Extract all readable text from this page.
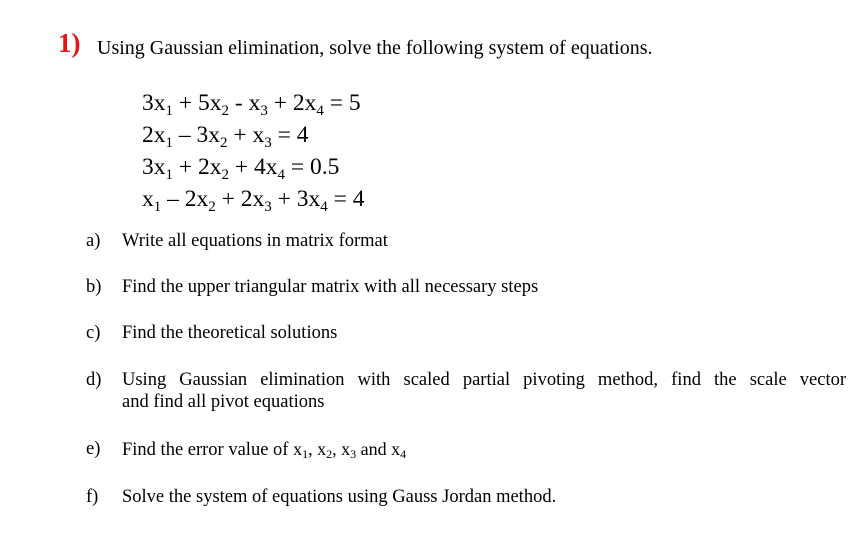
1) Using Gaussian elimination, solve the following system of equations.
$3x_1 + 5x_2 - x_3 + 2x_4 = 5$
$2x_1 - 3x_2 + x_3 = 4$
$3x_1 + 2x_2 + 4x_4 = 0.5$
$x_1 - 2x_2 + 2x_3 + 3x_4 = 4$
a)	Write all equations in matrix format
b)	Find the upper triangular matrix with all necessary steps
c)	Find the theoretical solutions
d)	Using Gaussian elimination with scaled partial pivoting method, find the scale vector
and find all pivot equations
e)	Find the error value of x1, x2, x3 and x4
f)	Solve the system of equations using Gauss Jordan method.
